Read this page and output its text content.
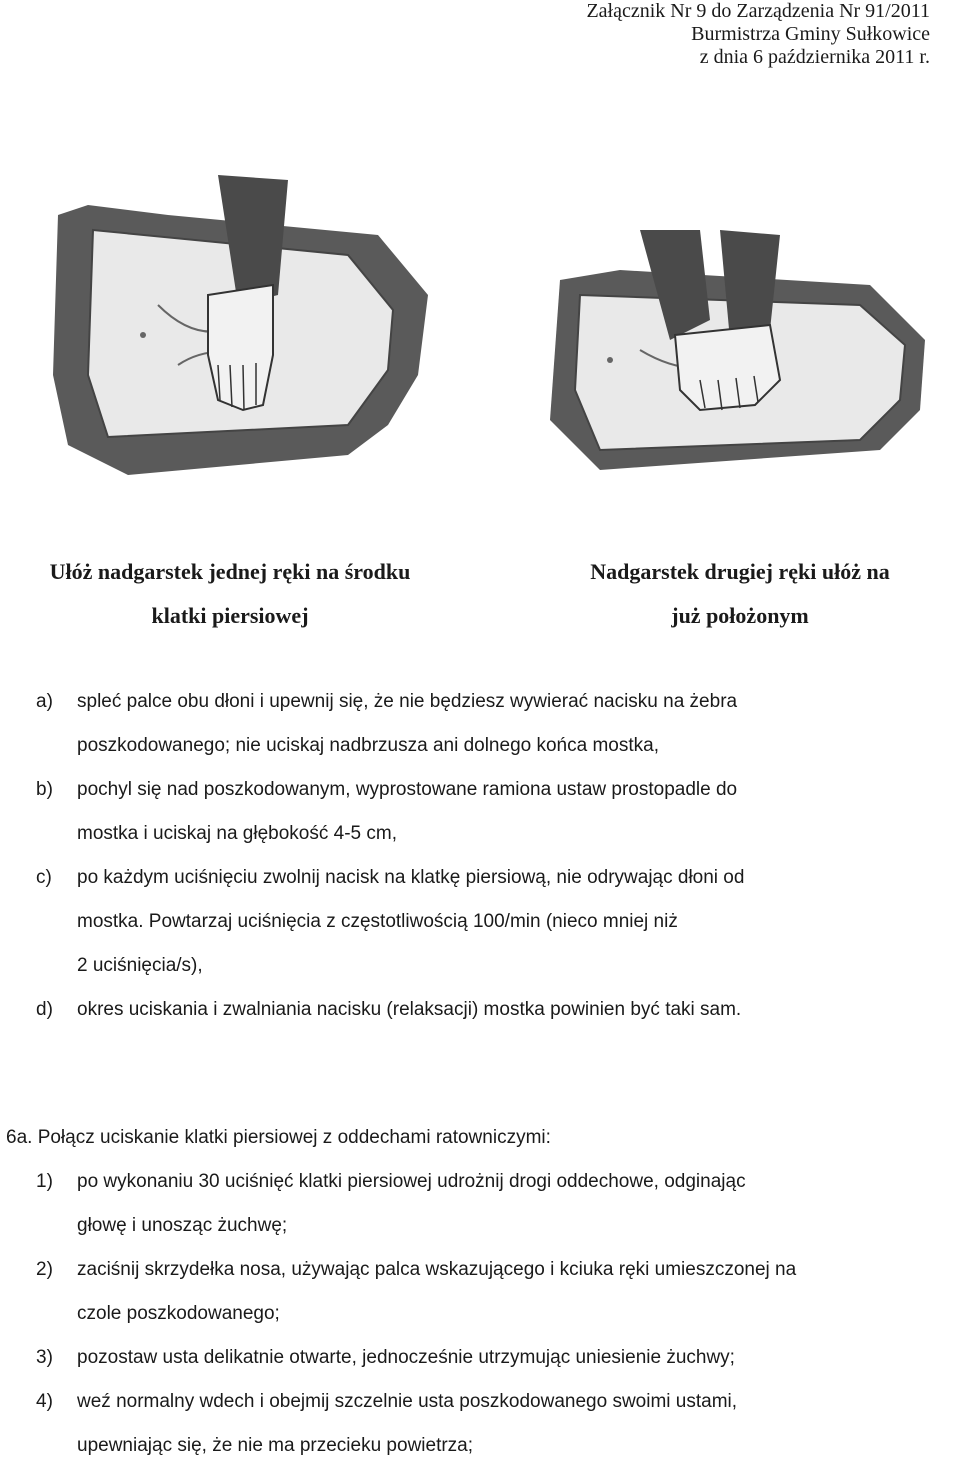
Załącznik Nr 9 do Zarządzenia Nr 91/2011
Burmistrza Gminy Sułkowice
z dnia 6 października 2011 r.
Ułóż nadgarstek jednej ręki na środku
klatki piersiowej
Nadgarstek drugiej ręki ułóż na
już położonym
a) spleć palce obu dłoni i upewnij się, że nie będziesz wywierać nacisku na żebra
poszkodowanego; nie uciskaj nadbrzusza ani dolnego końca mostka,
b) pochyl się nad poszkodowanym, wyprostowane ramiona ustaw prostopadle do
mostka i uciskaj na głębokość 4-5 cm,
c) po każdym uciśnięciu zwolnij nacisk na klatkę piersiową, nie odrywając dłoni od
mostka. Powtarzaj uciśnięcia z częstotliwością 100/min (nieco mniej niż
2 uciśnięcia/s),
d) okres uciskania i zwalniania nacisku (relaksacji) mostka powinien być taki sam.
6a. Połącz uciskanie klatki piersiowej z oddechami ratowniczymi:
1) po wykonaniu 30 uciśnięć klatki piersiowej udrożnij drogi oddechowe, odginając
głowę i unosząc żuchwę;
2) zaciśnij skrzydełka nosa, używając palca wskazującego i kciuka ręki umieszczonej na
czole poszkodowanego;
3) pozostaw usta delikatnie otwarte, jednocześnie utrzymując uniesienie żuchwy;
4) weź normalny wdech i obejmij szczelnie usta poszkodowanego swoimi ustami,
upewniając się, że nie ma przecieku powietrza;
